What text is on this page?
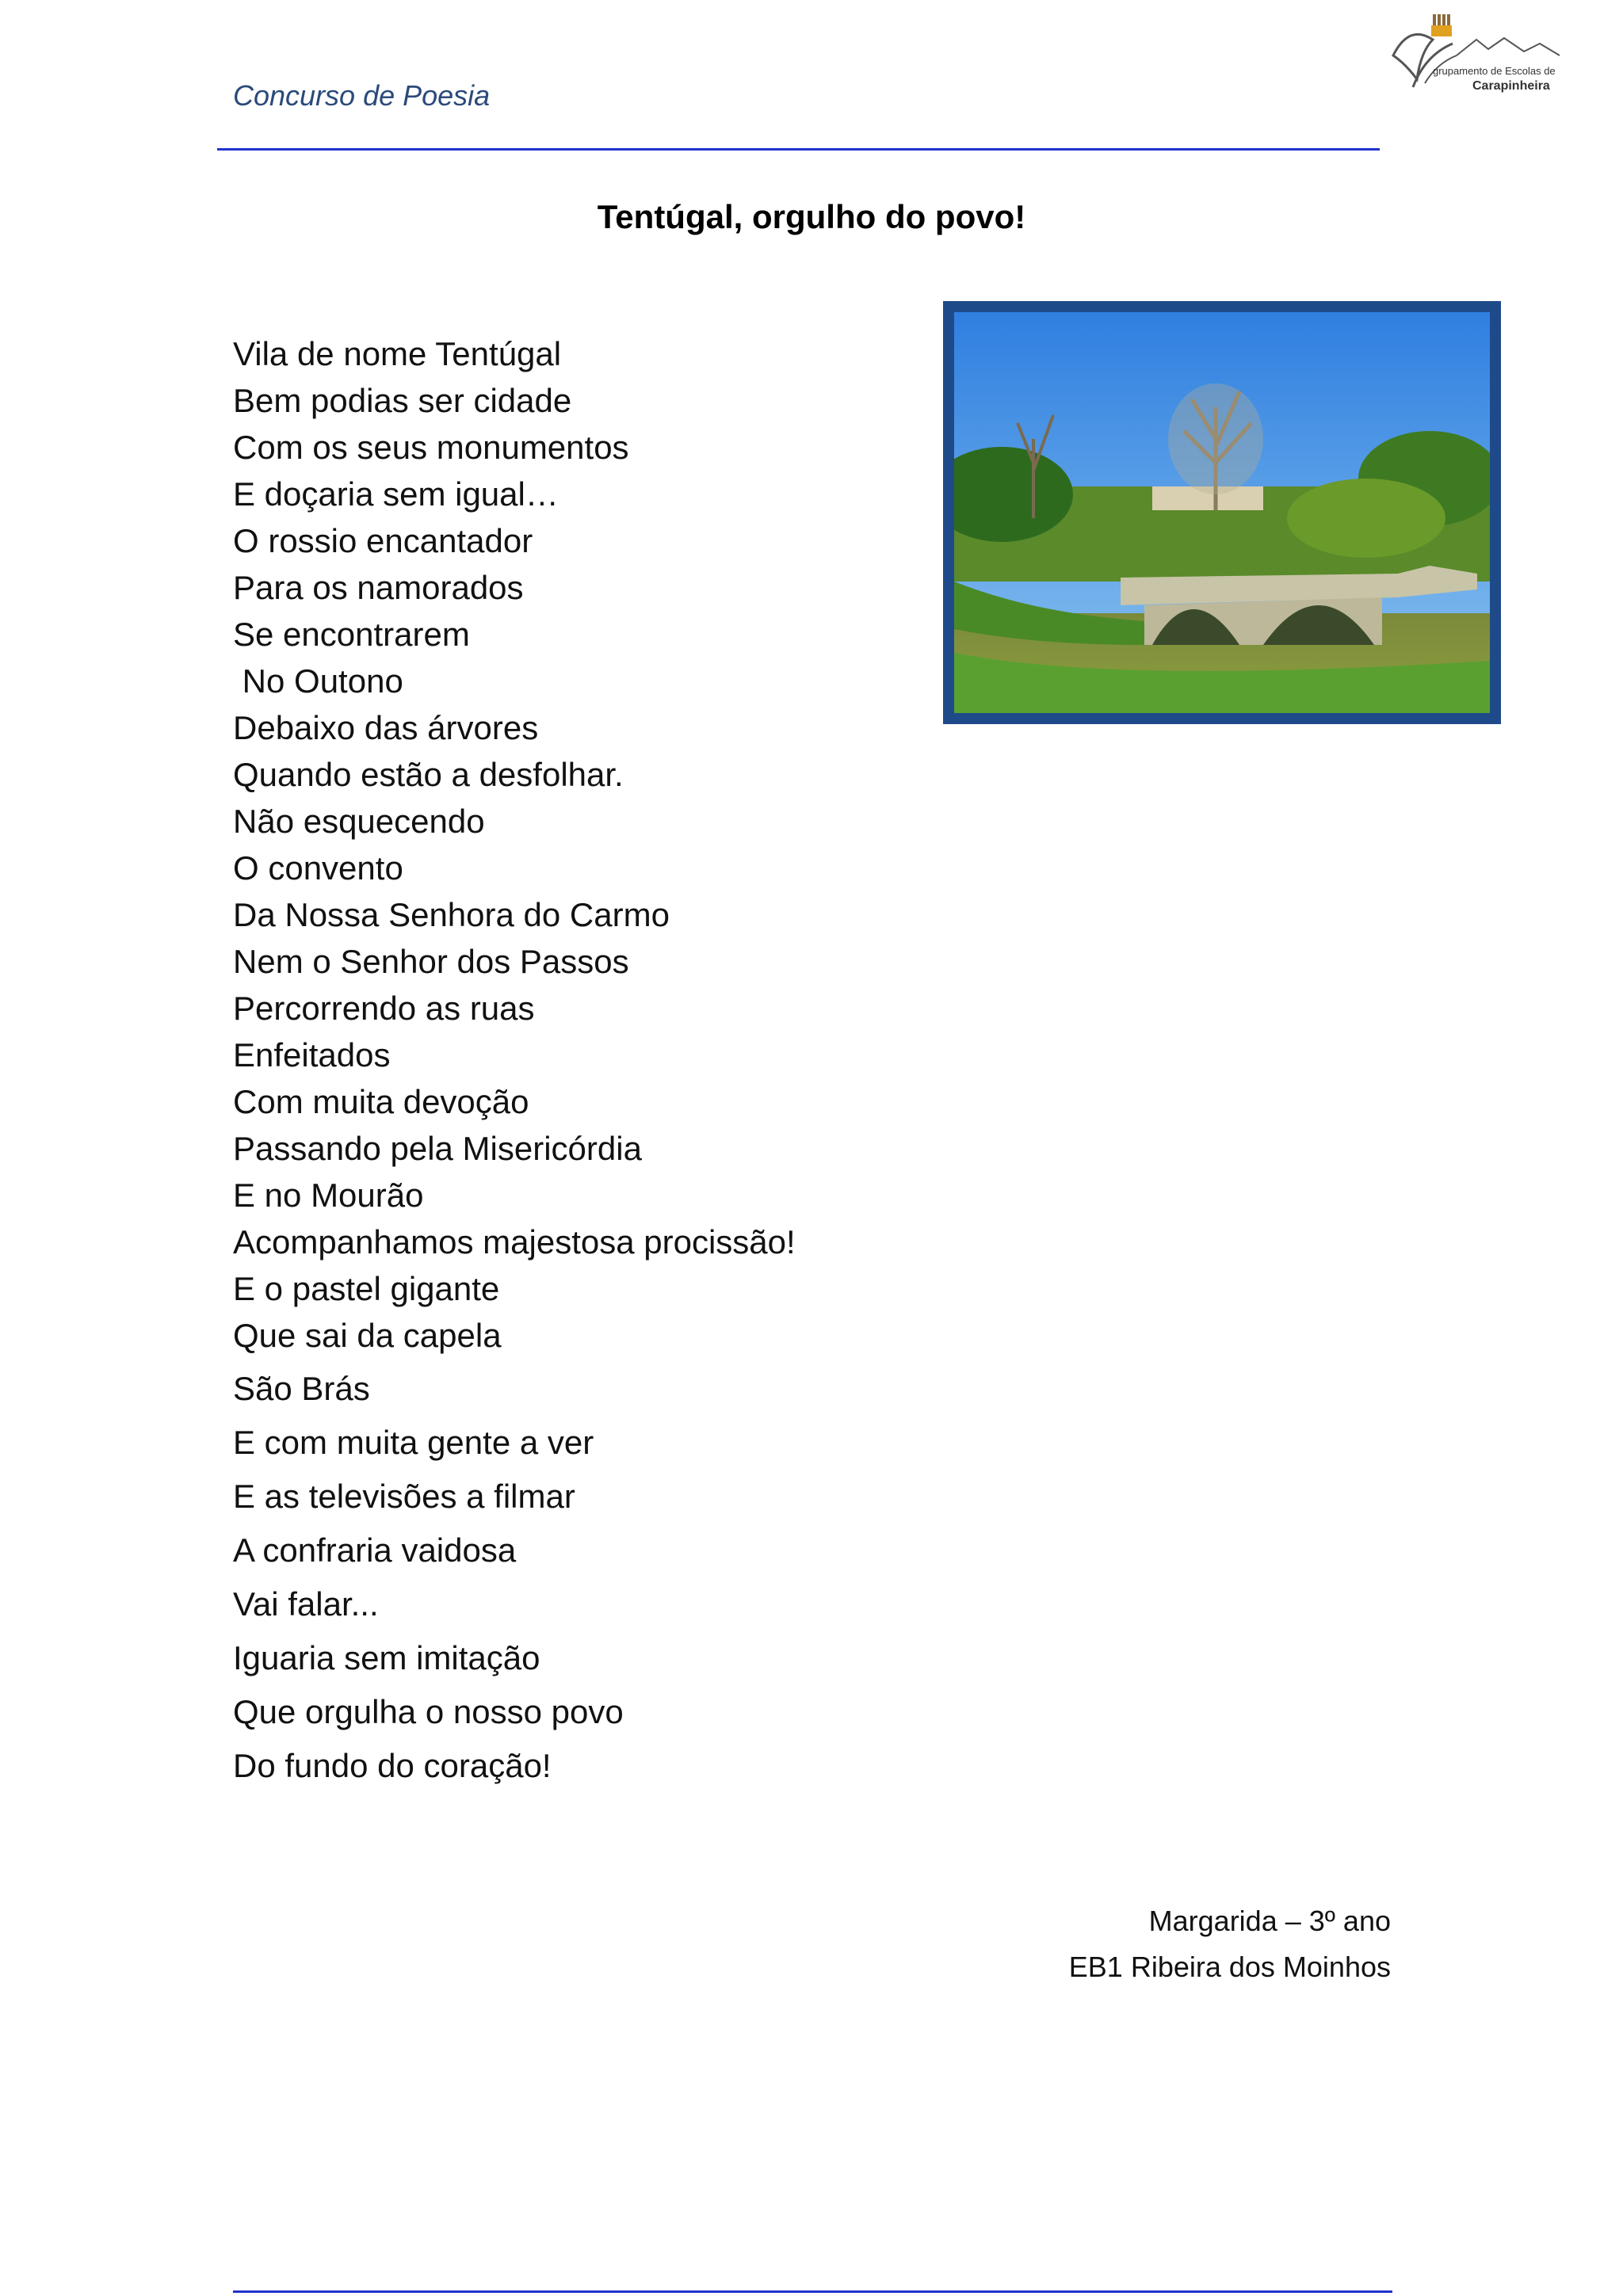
Concurso de Poesia
grupamento de Escolas de
Carapinheira
Tentúgal, orgulho do povo!
Vila de nome Tentúgal
Bem podias ser cidade
Com os seus monumentos
E doçaria sem igual…
O rossio encantador
Para os namorados
Se encontrarem
No Outono
Debaixo das árvores
Quando estão a desfolhar.
Não esquecendo
O convento
Da Nossa Senhora do Carmo
Nem o Senhor dos Passos
Percorrendo as ruas
Enfeitados
Com muita devoção
Passando pela Misericórdia
E no Mourão
Acompanhamos majestosa procissão!
E o pastel gigante
Que sai da capela
São Brás
E com muita gente a ver
E as televisões a filmar
A confraria vaidosa
Vai falar...
Iguaria sem imitação
Que orgulha o nosso povo
Do fundo do coração!
Margarida – 3º ano
EB1 Ribeira dos Moinhos
